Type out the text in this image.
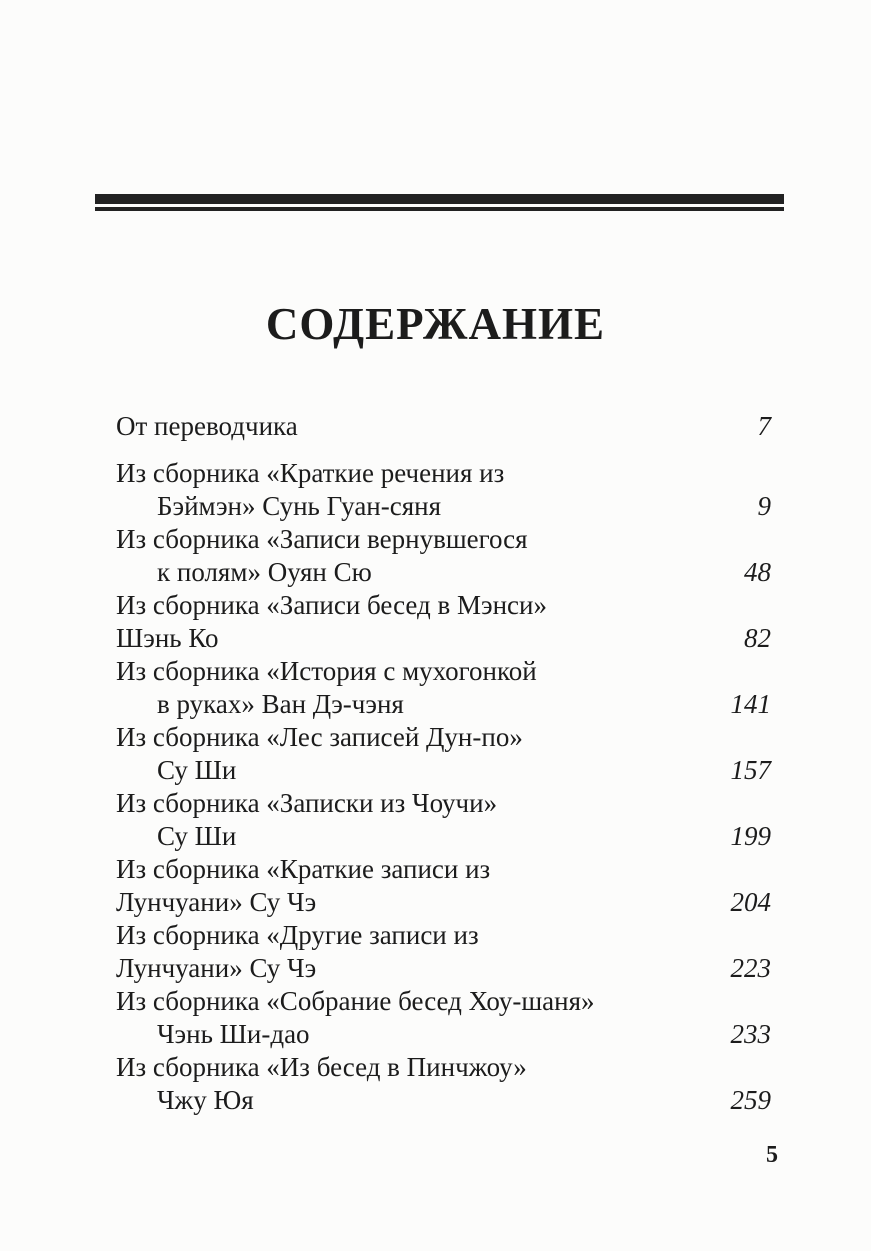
СОДЕРЖАНИЕ
От переводчика	7
Из сборника «Краткие речения из
Бэймэн» Сунь Гуан-сяня	9
Из сборника «Записи вернувшегося
к полям» Оуян Сю	48
Из сборника «Записи бесед в Мэнси»
Шэнь Ко	82
Из сборника «История с мухогонкой
в руках» Ван Дэ-чэня	141
Из сборника «Лес записей Дун-по»
Су Ши	157
Из сборника «Записки из Чоучи»
Су Ши	199
Из сборника «Краткие записи из
Лунчуани» Су Чэ	204
Из сборника «Другие записи из
Лунчуани» Су Чэ	223
Из сборника «Собрание бесед Хоу-шаня»
Чэнь Ши-дао	233
Из сборника «Из бесед в Пинчжоу»
Чжу Юя	259
5
